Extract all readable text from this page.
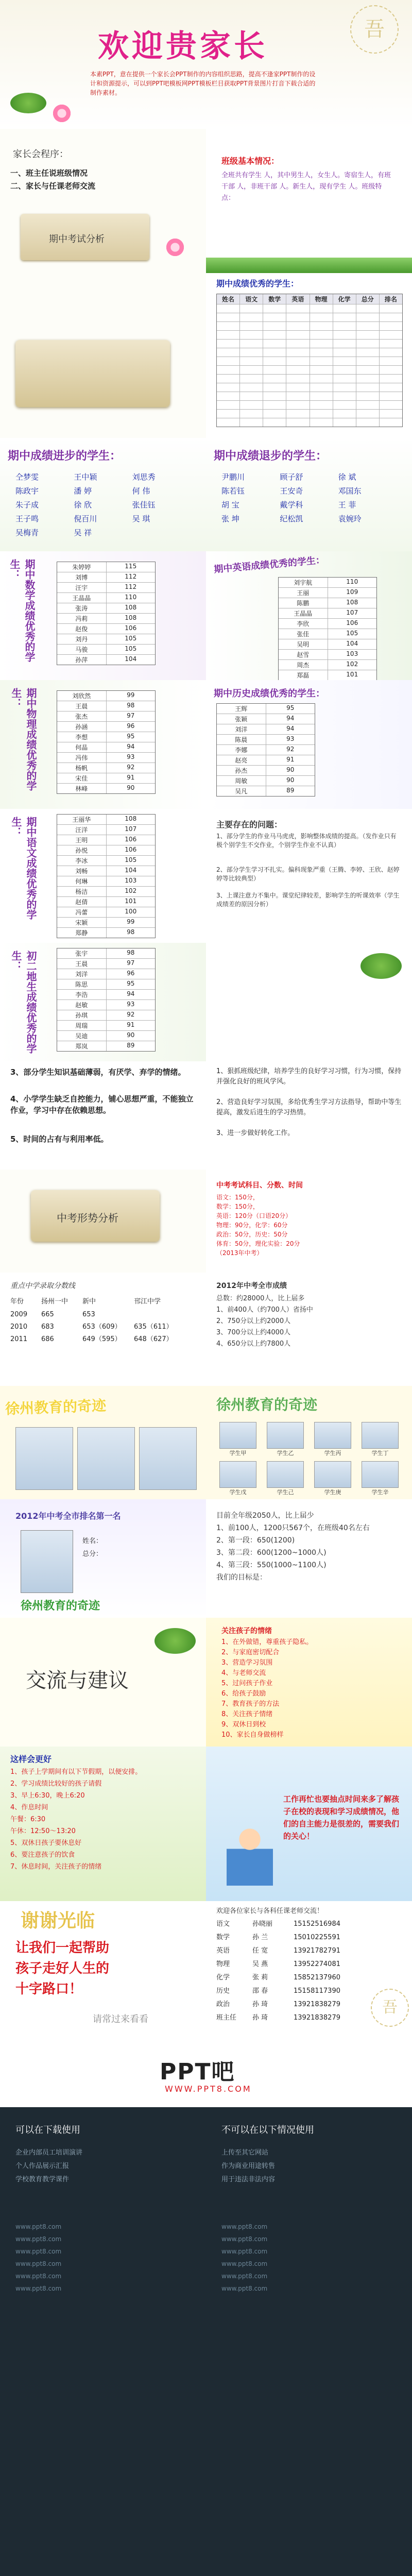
欢迎贵家长	吾
本素PPT，意在提供一个家长会PPT制作的内容组织思路，提高不逢家PPT制作的设计和资源提示，可以到PPT吧模板网PPT模板栏目获取PPT背景图片打音下载合适的制作素材。
家长会程序：
一、班主任说班级情况
二、家长与任课老师交流
期中考试分析
班级基本情况：
全班共有学生 人，其中男生人，女生人。寄宿生人，有班干部 人，非班干部 人。新生人，现有学生 人。班级特点：
期中成绩优秀的学生：
姓名	语文	数学	英语	物理	化学	总分	排名

期中成绩进步的学生：
仝梦雯	王中颖	刘思秀
陈政宇	潘 婷	何 伟
朱子成	徐 欣	张佳钰
王子鸣	倪百川	吴 琪
吴梅青	吴 祥
期中成绩退步的学生：
尹鹏川	顾子舒	徐 斌
陈若钰	王安奇	邓国东
胡 宝	戴学科	王 菲
张 坤	纪松凯	袁婉玲
期中数学成绩优秀的学生：	朱婷婷	115
刘博	112
汪宇	112
王晶晶	110
张涛	108
冯莉	108
赵俊	106
刘丹	105
马骏	105
孙萍	104
期中英语成绩优秀的学生：
刘宇航	110
王丽	109
陈鹏	108
王晶晶	107
李欣	106
张佳	105
吴明	104
赵雪	103
周杰	102
郑磊	101
期中物理成绩优秀的学生：	刘欣然	99
王晨	98
张杰	97
孙涵	96
李想	95
何晶	94
冯伟	93
杨帆	92
宋佳	91
林峰	90
期中历史成绩优秀的学生：
王辉	95
张颖	94
刘洋	94
陈晨	93
李娜	92
赵亮	91
孙杰	90
周敏	90
吴凡	89
期中语文成绩优秀的学生：	王丽华	108
汪洋	107
王明	106
孙悦	106
李冰	105
刘畅	104
何琳	103
杨洁	102
赵倩	101
冯蕾	100
宋颖	99
郑静	98
主要存在的问题：
1、部分学生的作业马马虎虎，影响整体成绩的提高。（发作业只有极个别学生不交作业，个别学生作业不认真）
2、部分学生学习不扎实。偏科现象严重（王腾、李婷、王欣、赵婷婷等比较典型）
3、上课注意力不集中。课堂纪律较差，影响学生的听课效率（学生成绩差的原因分析）
初二地生成绩优秀的学生：	张宇	98
王晨	97
刘洋	96
陈思	95
李浩	94
赵敏	93
孙琪	92
周瑞	91
吴迪	90
郑岚	89
3、部分学生知识基础薄弱，有厌学、弃学的情绪。
4、小学学生缺乏自控能力，铺心思想严重，不能独立作业，学习中存在依赖思想。
5、时间的占有与利用率低。
1、狠抓班级纪律，培养学生的良好学习习惯，行为习惯，保持并强化良好的班风学风。
2、营造良好学习氛围，多给优秀生学习方法指导，帮助中等生提高，激发后进生的学习热情。
3、进一步做好转化工作。
中考形势分析
中考考试科目、分数、时间
语文：150分，
数学：150分，
英语：120分（口语20分）
物理：90分，化学：60分
政治：50分，历史：50分
体育：50分，理化实验：20分
（2013年中考）
重点中学录取分数线
年份	扬州一中	新中	邗江中学
2009	665	653
2010	683	653（609）	635（611）
2011	686	649（595）	648（627）
2012年中考全市成绩
总数：约28000人，比上届多
1、前400人（约700人）省扬中
2、750分以上约2000人
3、700分以上约4000人
4、650分以上约7800人
徐州教育的奇迹	徐州教育的奇迹
学生甲	学生乙	学生丙	学生丁
学生戊	学生己	学生庚	学生辛
2012年中考全市排名第一名
姓名：
总分：
徐州教育的奇迹
目前全年级2050人，比上届少
1、前100人，1200只567个，在班级40名左右
2、第一段：650(1200)
3、第二段：600(1200~1000人)
4、第三段：550(1000~1100人)
我们的目标是：
交流与建议
关注孩子的情绪
1、在外做错，尊重孩子隐私。
2、与家庭密切配合
3、营造学习氛围
4、与老师交流
5、过问孩子作业
6、给孩子鼓励
7、教育孩子的方法
8、关注孩子情绪
9、双休日到校
10、家长自身做榜样
这样会更好
1、孩子上学期间有以下节假期，以便安排。
2、学习成绩比较好的孩子请假
3、早上6:30，晚上6:20
4、作息时间
午餐：6:30
午休：12:50～13:20
5、双休日孩子要休息好
6、要注意孩子的饮食
7、休息时间，关注孩子的情绪
工作再忙也要抽点时间来多了解孩子在校的表现和学习成绩情况，他们的自主能力是很差的，需要我们的关心！
谢谢光临
让我们一起帮助
孩子走好人生的
十字路口！
请常过来看看
欢迎各位家长与各科任课老师交流！
语文	孙晓丽	15152516984
数学	孙 兰	15010225591
英语	任 宽	13921782791
物理	吴 燕	13952274081
化学	张 莉	15852137960
历史	邵 春	15158117390
政治	孙 琦	13921838279
班主任	孙 琦	13921838279
吾
PPT吧
WWW.PPT8.COM
可以在下载使用
企业内部员工培训演讲
个人作品展示汇报
学校教育教学课件
不可以在以下情况使用
上传至其它网站
作为商业用途转售
用于违法非法内容
www.ppt8.com
www.ppt8.com
www.ppt8.com
www.ppt8.com
www.ppt8.com
www.ppt8.com
www.ppt8.com
www.ppt8.com
www.ppt8.com
www.ppt8.com
www.ppt8.com
www.ppt8.com
